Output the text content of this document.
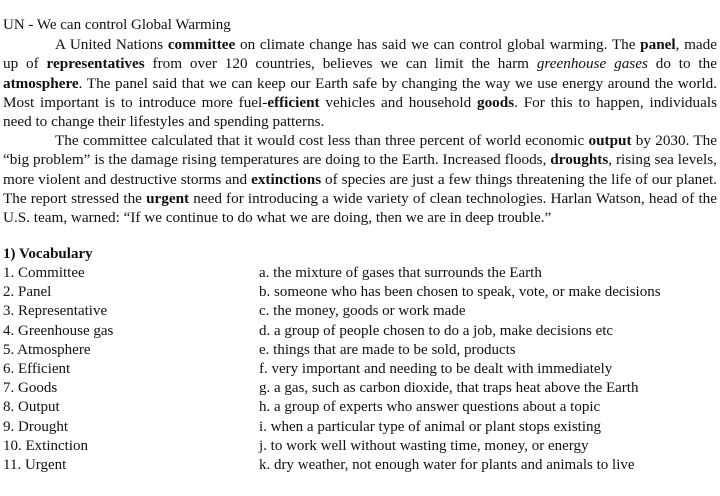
UN - We can control Global Warming

A United Nations committee on climate change has said we can control global warming. The panel, made up of representatives from over 120 countries, believes we can limit the harm greenhouse gases do to the atmosphere. The panel said that we can keep our Earth safe by changing the way we use energy around the world. Most important is to introduce more fuel-efficient vehicles and household goods. For this to happen, individuals need to change their lifestyles and spending patterns.

The committee calculated that it would cost less than three percent of world economic output by 2030. The “big problem” is the damage rising temperatures are doing to the Earth. Increased floods, droughts, rising sea levels, more violent and destructive storms and extinctions of species are just a few things threatening the life of our planet. The report stressed the urgent need for introducing a wide variety of clean technologies. Harlan Watson, head of the U.S. team, warned: “If we continue to do what we are doing, then we are in deep trouble.”

1) Vocabulary
1. Committee	a. the mixture of gases that surrounds the Earth
2. Panel	b. someone who has been chosen to speak, vote, or make decisions
3. Representative	c. the money, goods or work made
4. Greenhouse gas	d. a group of people chosen to do a job, make decisions etc
5. Atmosphere	e. things that are made to be sold, products
6. Efficient	f. very important and needing to be dealt with immediately
7. Goods	g. a gas, such as carbon dioxide, that traps heat above the Earth
8. Output	h. a group of experts who answer questions about a topic
9. Drought	i. when a particular type of animal or plant stops existing
10. Extinction	j. to work well without wasting time, money, or energy
11. Urgent	k. dry weather, not enough water for plants and animals to live
